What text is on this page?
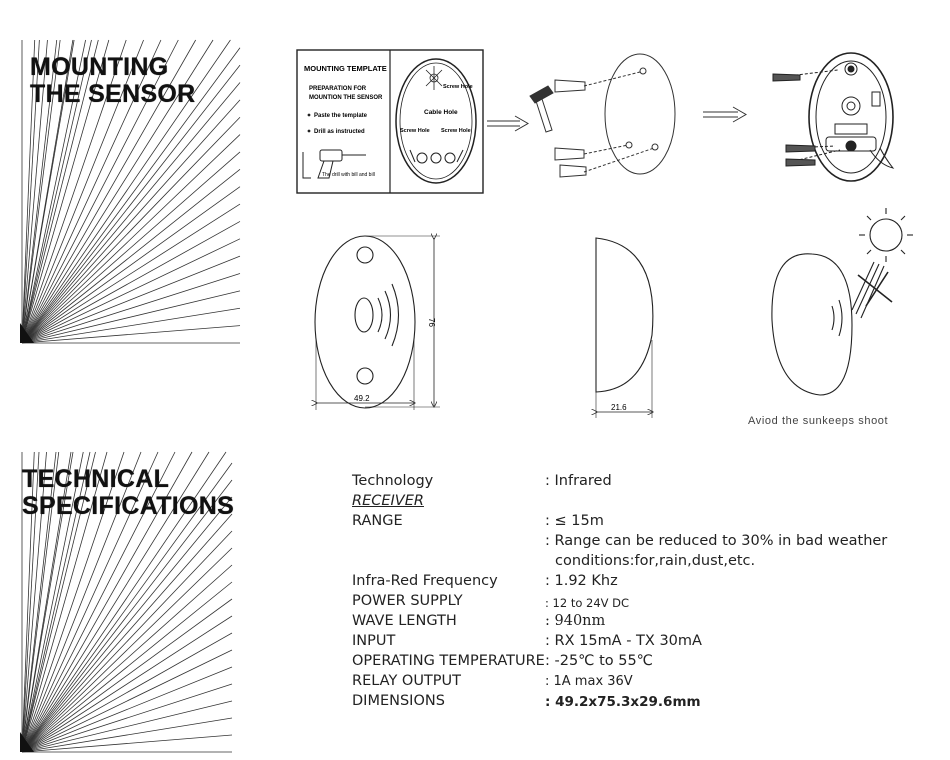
MOUNTING
THE SENSOR
TECHNICAL
SPECIFICATIONS
MOUNTING TEMPLATE
PREPARATION FOR
MOUNTION THE SENSOR
Paste the template
Drill as instructed
The drill with bill and bill
Screw Hole
Cable Hole
Screw Hole Screw Hole
49.2
76
21.6
Aviod the sunkeeps shoot
Technology	: Infrared
RECEIVER
RANGE	: ≤ 15m
: Range can be reduced to 30% in bad weather
conditions:for,rain,dust,etc.
Infra-Red Frequency	: 1.92 Khz
POWER SUPPLY	: 12 to 24V DC
WAVE LENGTH	: 940nm
INPUT	: RX 15mA - TX 30mA
OPERATING TEMPERATURE : -25℃ to 55℃
RELAY OUTPUT	: 1A max 36V
DIMENSIONS	: 49.2x75.3x29.6mm
